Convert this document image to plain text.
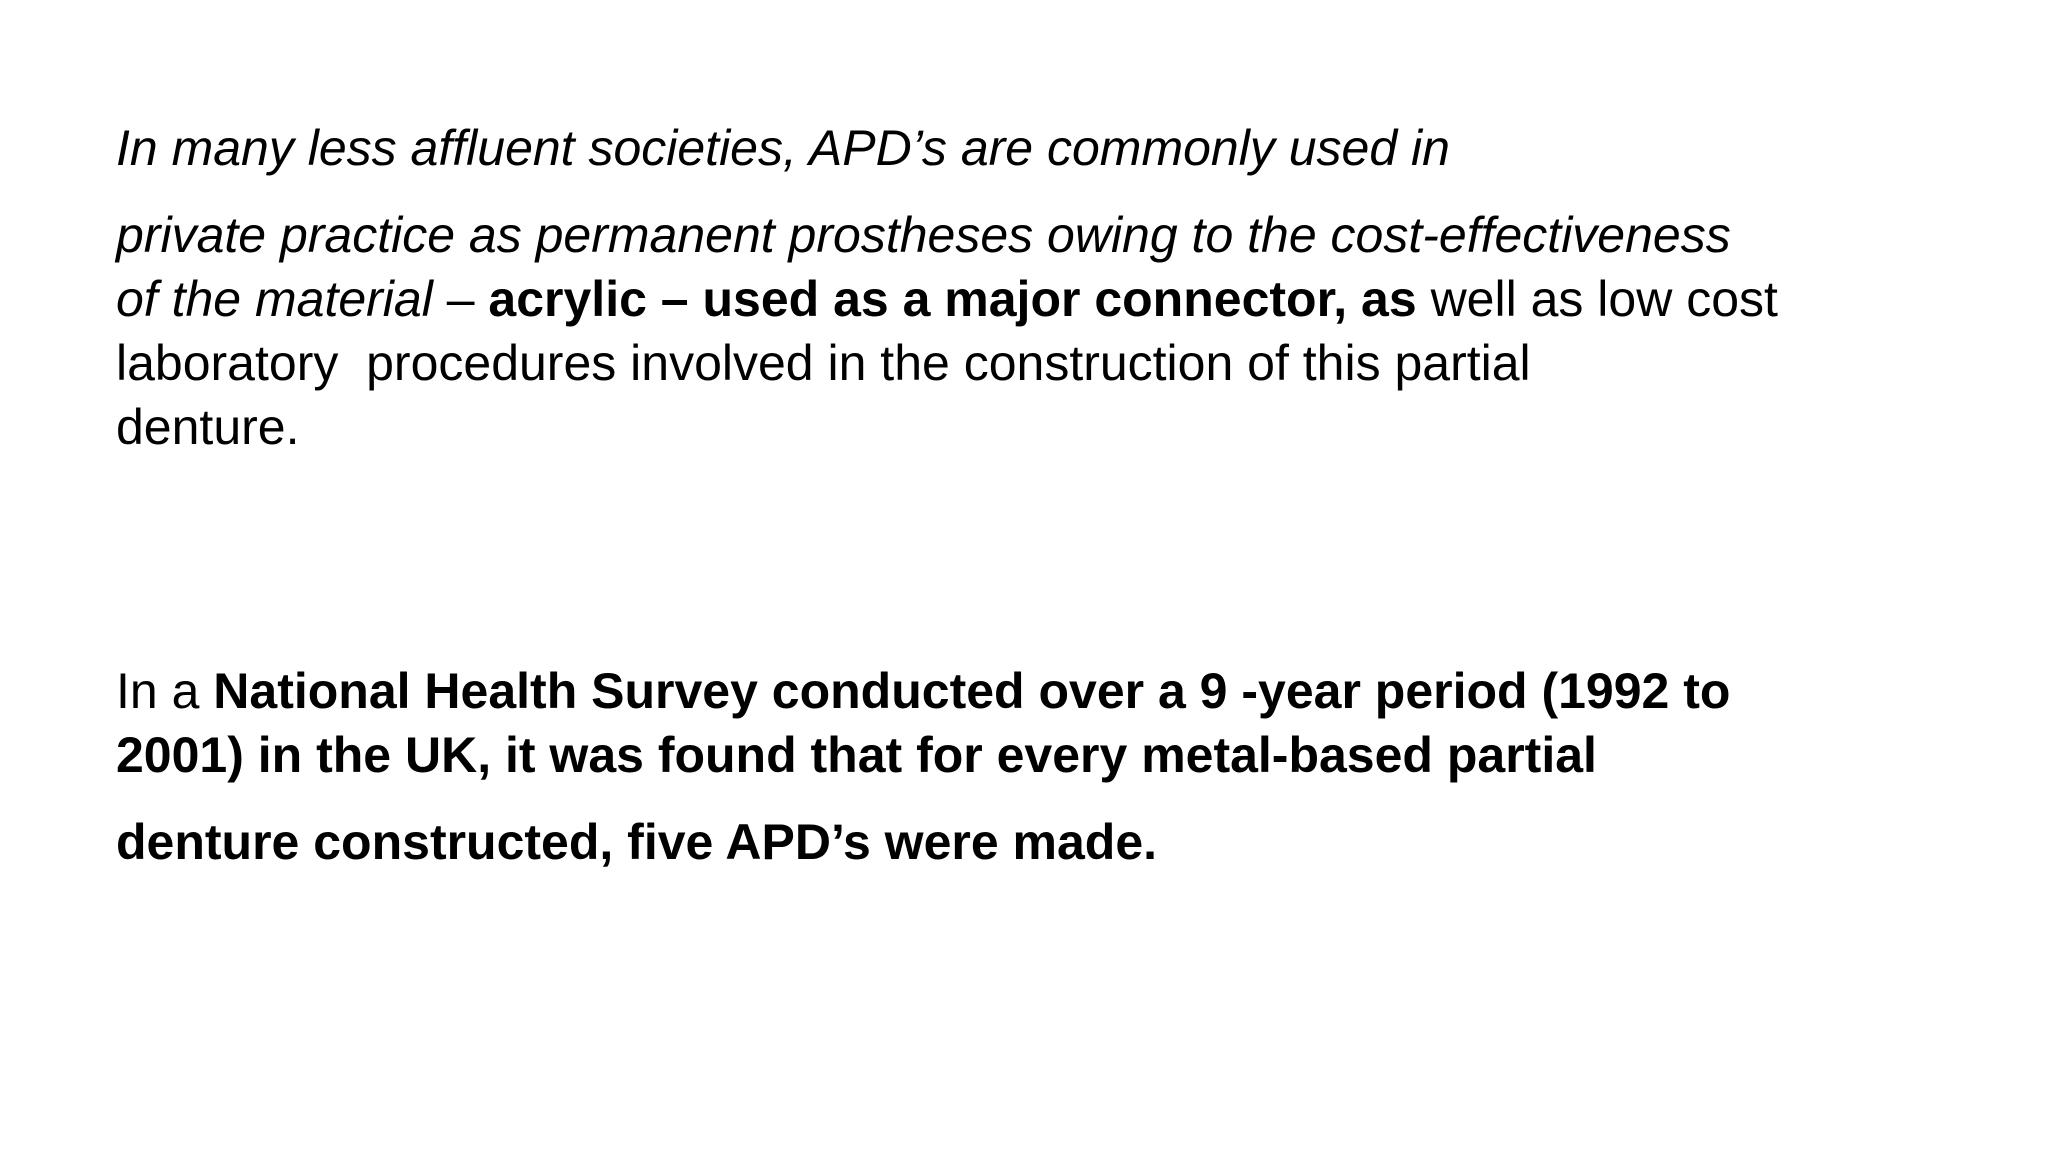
In many less affluent societies, APD’s are commonly used in
private practice as permanent prostheses owing to the cost-effectiveness
of the material – acrylic – used as a major connector, as well as low cost
laboratory  procedures involved in the construction of this partial
denture.
In a National Health Survey conducted over a 9 -year period (1992 to
2001) in the UK, it was found that for every metal-based partial
denture constructed, five APD’s were made.
